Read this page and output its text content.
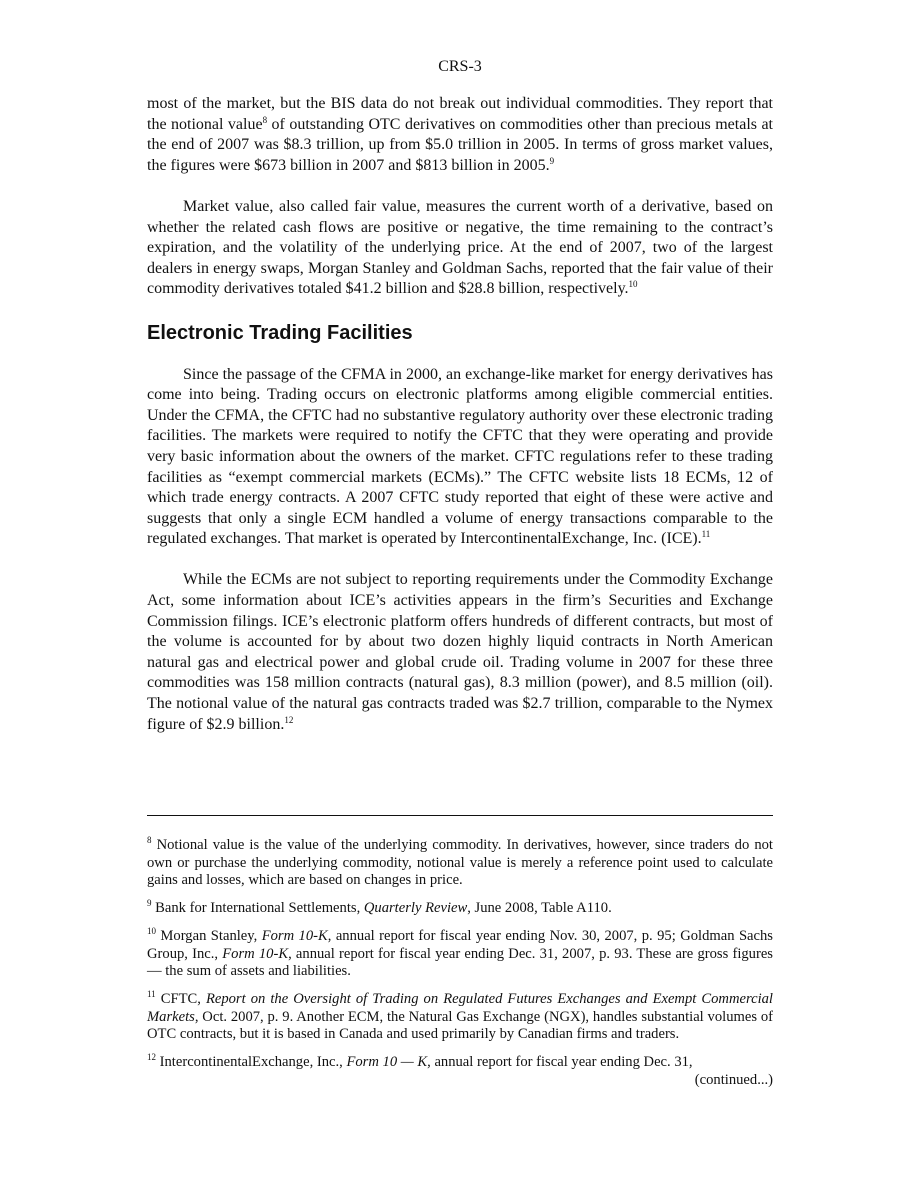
CRS-3

most of the market, but the BIS data do not break out individual commodities. They report that the notional value$^8$ of outstanding OTC derivatives on commodities other than precious metals at the end of 2007 was $8.3 trillion, up from $5.0 trillion in 2005. In terms of gross market values, the figures were $673 billion in 2007 and $813 billion in 2005.$^9$

Market value, also called fair value, measures the current worth of a derivative, based on whether the related cash flows are positive or negative, the time remaining to the contract’s expiration, and the volatility of the underlying price. At the end of 2007, two of the largest dealers in energy swaps, Morgan Stanley and Goldman Sachs, reported that the fair value of their commodity derivatives totaled $41.2 billion and $28.8 billion, respectively.$^{10}$

Electronic Trading Facilities

Since the passage of the CFMA in 2000, an exchange-like market for energy derivatives has come into being. Trading occurs on electronic platforms among eligible commercial entities. Under the CFMA, the CFTC had no substantive regulatory authority over these electronic trading facilities. The markets were required to notify the CFTC that they were operating and provide very basic information about the owners of the market. CFTC regulations refer to these trading facilities as “exempt commercial markets (ECMs).” The CFTC website lists 18 ECMs, 12 of which trade energy contracts. A 2007 CFTC study reported that eight of these were active and suggests that only a single ECM handled a volume of energy transactions comparable to the regulated exchanges. That market is operated by IntercontinentalExchange, Inc. (ICE).$^{11}$

While the ECMs are not subject to reporting requirements under the Commodity Exchange Act, some information about ICE’s activities appears in the firm’s Securities and Exchange Commission filings. ICE’s electronic platform offers hundreds of different contracts, but most of the volume is accounted for by about two dozen highly liquid contracts in North American natural gas and electrical power and global crude oil. Trading volume in 2007 for these three commodities was 158 million contracts (natural gas), 8.3 million (power), and 8.5 million (oil). The notional value of the natural gas contracts traded was $2.7 trillion, comparable to the Nymex figure of $2.9 billion.$^{12}$

$^8$ Notional value is the value of the underlying commodity. In derivatives, however, since traders do not own or purchase the underlying commodity, notional value is merely a reference point used to calculate gains and losses, which are based on changes in price.
$^9$ Bank for International Settlements, Quarterly Review, June 2008, Table A110.
$^{10}$ Morgan Stanley, Form 10-K, annual report for fiscal year ending Nov. 30, 2007, p. 95; Goldman Sachs Group, Inc., Form 10-K, annual report for fiscal year ending Dec. 31, 2007, p. 93. These are gross figures — the sum of assets and liabilities.
$^{11}$ CFTC, Report on the Oversight of Trading on Regulated Futures Exchanges and Exempt Commercial Markets, Oct. 2007, p. 9. Another ECM, the Natural Gas Exchange (NGX), handles substantial volumes of OTC contracts, but it is based in Canada and used primarily by Canadian firms and traders.
$^{12}$ IntercontinentalExchange, Inc., Form 10 — K, annual report for fiscal year ending Dec. 31,
(continued...)
